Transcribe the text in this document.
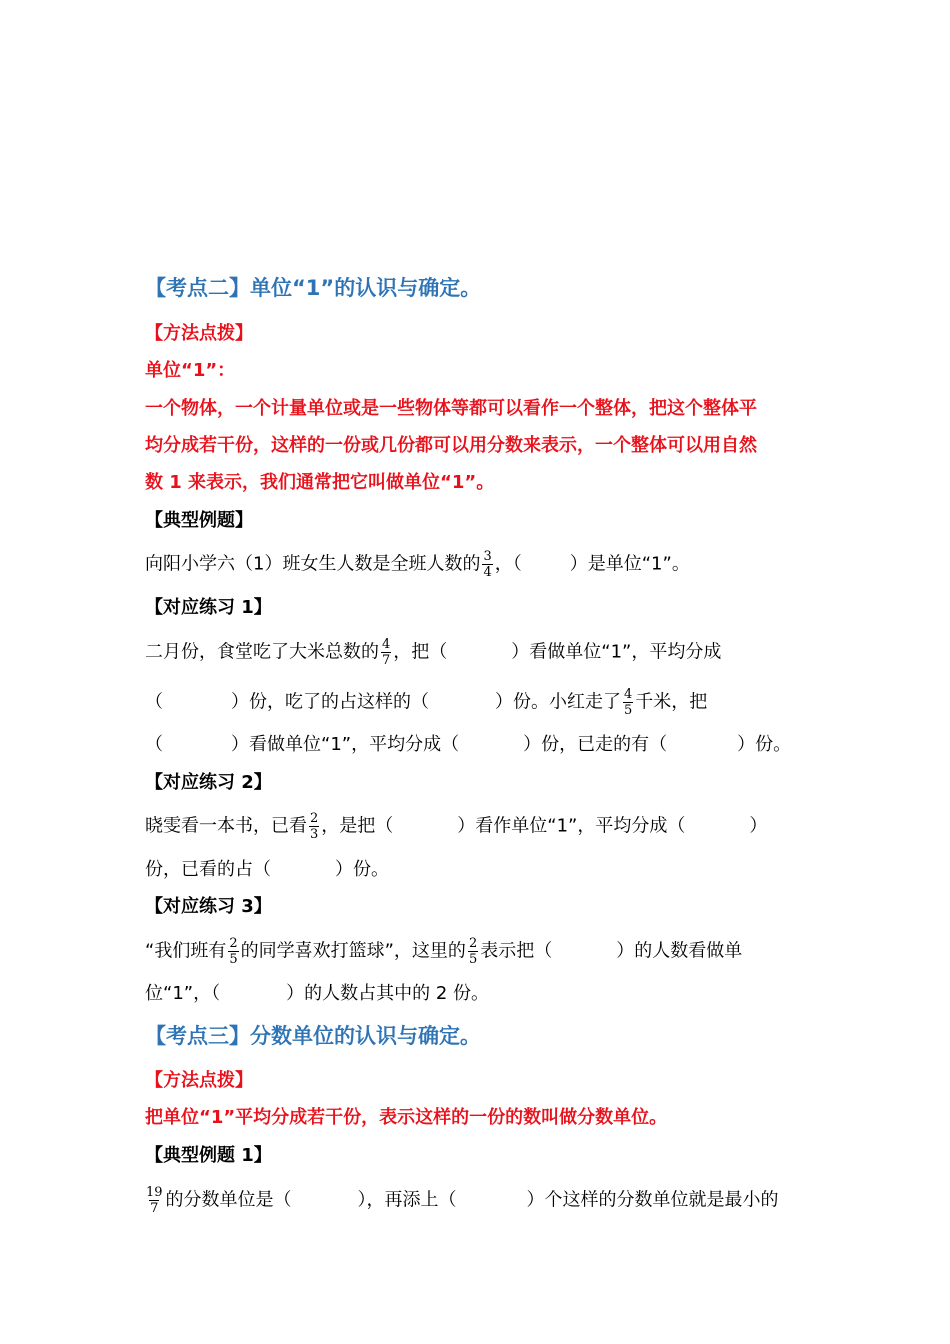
【考点二】单位“1”的认识与确定。
【方法点拨】
单位“1”：
一个物体，一个计量单位或是一些物体等都可以看作一个整体，把这个整体平
均分成若干份，这样的一份或几份都可以用分数来表示，一个整体可以用自然
数 1 来表示，我们通常把它叫做单位“1”。
【典型例题】
向阳小学六（1）班女生人数是全班人数的 $\frac{3}{4}$ ，（	）是单位“1”。
【对应练习 1】
二月份，食堂吃了大米总数的 $\frac{4}{7}$ ，把（	）看做单位“1”，平均分成
（	）份，吃了的占这样的（	）份。小红走了 $\frac{4}{5}$ 千米，把
（	）看做单位“1”，平均分成（	）份，已走的有（	）份。
【对应练习 2】
晓雯看一本书，已看 $\frac{2}{3}$ ，是把（	）看作单位“1”，平均分成（	）
份，已看的占（	）份。
【对应练习 3】
“我们班有 $\frac{2}{5}$ 的同学喜欢打篮球”，这里的 $\frac{2}{5}$ 表示把（	）的人数看做单
位“1”，（	）的人数占其中的 2 份。
【考点三】分数单位的认识与确定。
【方法点拨】
把单位“1”平均分成若干份，表示这样的一份的数叫做分数单位。
【典型例题 1】
$\frac{19}{7}$ 的分数单位是（	），再添上（	）个这样的分数单位就是最小的
